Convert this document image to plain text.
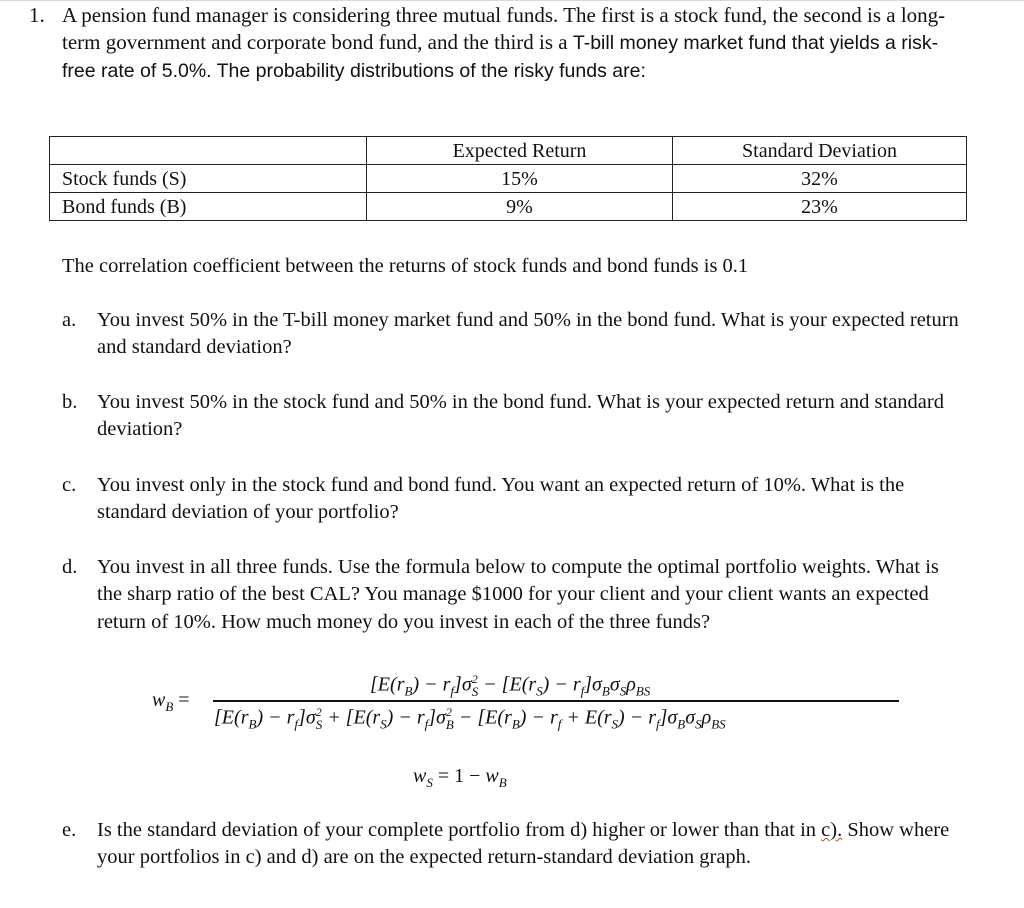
1. A pension fund manager is considering three mutual funds. The first is a stock fund, the second is a long-term government and corporate bond fund, and the third is a T-bill money market fund that yields a risk-free rate of 5.0%. The probability distributions of the risky funds are:

	Expected Return	Standard Deviation
Stock funds (S)	15%	32%
Bond funds (B)	9%	23%

The correlation coefficient between the returns of stock funds and bond funds is 0.1

a. You invest 50% in the T-bill money market fund and 50% in the bond fund. What is your expected return and standard deviation?

b. You invest 50% in the stock fund and 50% in the bond fund. What is your expected return and standard deviation?

c. You invest only in the stock fund and bond fund. You want an expected return of 10%. What is the standard deviation of your portfolio?

d. You invest in all three funds. Use the formula below to compute the optimal portfolio weights. What is the sharp ratio of the best CAL? You manage $1000 for your client and your client wants an expected return of 10%. How much money do you invest in each of the three funds?

$w_B$ =
$[E(r_B) - r_f]\sigma^2_S - [E(r_S) - r_f]\sigma_B\sigma_S\rho_{BS}$
$[E(r_B) - r_f]\sigma^2_S + [E(r_S) - r_f]\sigma^2_B - [E(r_B) - r_f + E(r_S) - r_f]\sigma_B\sigma_S\rho_{BS}$
$w_S = 1 - w_B$
e. Is the standard deviation of your complete portfolio from d) higher or lower than that in c). Show where your portfolios in c) and d) are on the expected return-standard deviation graph.
